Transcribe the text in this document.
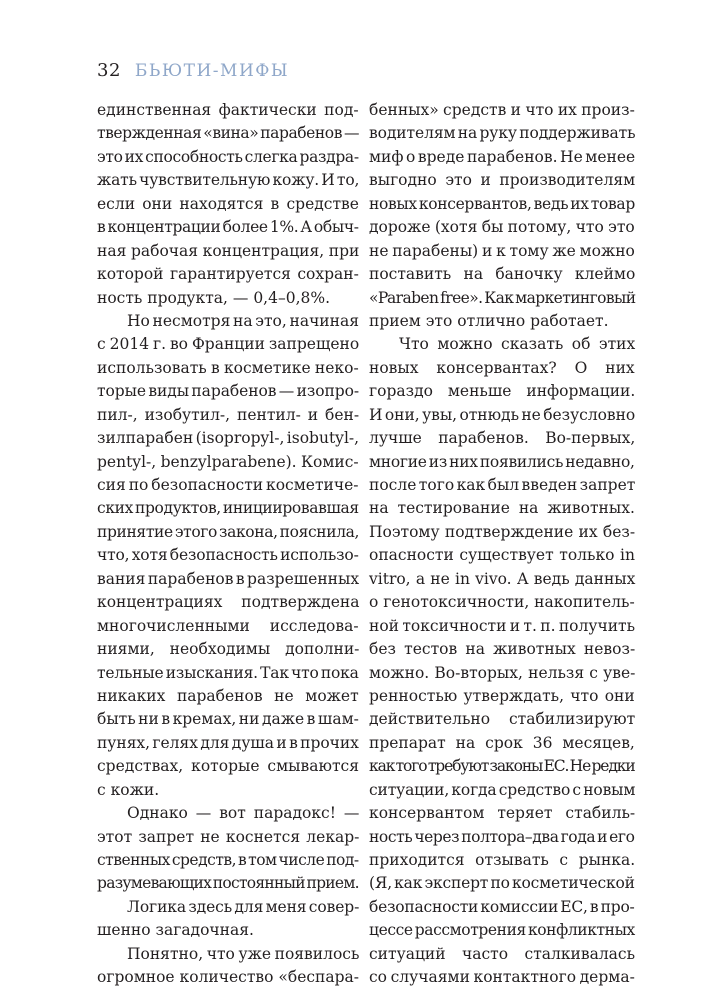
32 БЬЮТИ-МИФЫ
единственная фактически под-
твержденная «вина» парабенов —
это их способность слегка раздра-
жать чувствительную кожу. И то,
если они находятся в средстве
в концентрации более 1%. А обыч-
ная рабочая концентрация, при
которой гарантируется сохран-
ность продукта, — 0,4–0,8%.
Но несмотря на это, начиная
с 2014 г. во Франции запрещено
использовать в косметике неко-
торые виды парабенов — изопро-
пил-, изобутил-, пентил- и бен-
зилпарабен (isopropyl-, isobutyl-,
pentyl-, benzylparabene). Комис-
сия по безопасности косметиче-
ских продуктов, инициировавшая
принятие этого закона, пояснила,
что, хотя безопасность использо-
вания парабенов в разрешенных
концентрациях подтверждена
многочисленными исследова-
ниями, необходимы дополни-
тельные изыскания. Так что пока
никаких парабенов не может
быть ни в кремах, ни даже в шам-
пунях, гелях для душа и в прочих
средствах, которые смываются
с кожи.
Однако — вот парадокс! —
этот запрет не коснется лекар-
ственных средств, в том числе под-
разумевающих постоянный прием.
Логика здесь для меня совер-
шенно загадочная.
Понятно, что уже появилось
огромное количество «беспара-
бенных» средств и что их произ-
водителям на руку поддерживать
миф о вреде парабенов. Не менее
выгодно это и производителям
новых консервантов, ведь их товар
дороже (хотя бы потому, что это
не парабены) и к тому же можно
поставить на баночку клеймо
«Paraben free». Как маркетинговый
прием это отлично работает.
Что можно сказать об этих
новых консервантах? О них
гораздо меньше информации.
И они, увы, отнюдь не безусловно
лучше парабенов. Во-первых,
многие из них появились недавно,
после того как был введен запрет
на тестирование на животных.
Поэтому подтверждение их без-
опасности существует только in
vitro, а не in vivo. А ведь данных
о генотоксичности, накопитель-
ной токсичности и т. п. получить
без тестов на животных невоз-
можно. Во-вторых, нельзя с уве-
ренностью утверждать, что они
действительно стабилизируют
препарат на срок 36 месяцев,
как того требуют законы ЕС. Не редки
ситуации, когда средство с новым
консервантом теряет стабиль-
ность через полтора–два года и его
приходится отзывать с рынка.
(Я, как эксперт по косметической
безопасности комиссии ЕС, в про-
цессе рассмотрения конфликтных
ситуаций часто сталкивалась
со случаями контактного дерма-
